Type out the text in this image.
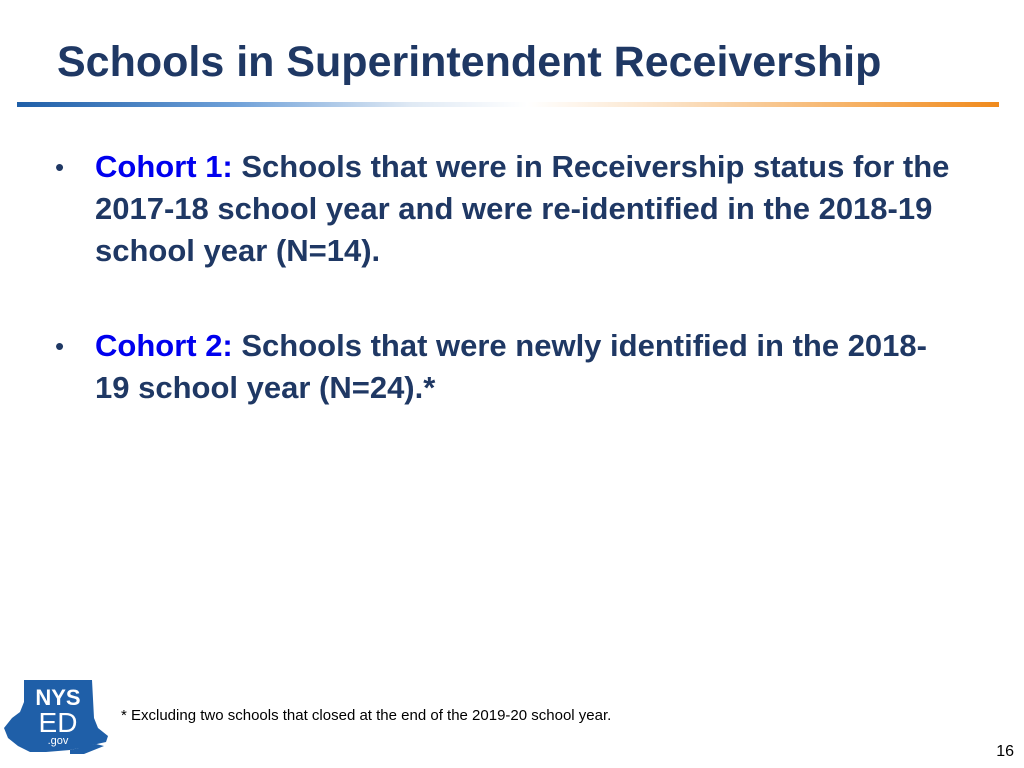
Schools in Superintendent Receivership
• Cohort 1: Schools that were in Receivership status for the 2017-18 school year and were re-identified in the 2018-19 school year (N=14).
• Cohort 2: Schools that were newly identified in the 2018-19 school year (N=24).*
NYS
ED
.gov
* Excluding two schools that closed at the end of the 2019-20 school year.
16
